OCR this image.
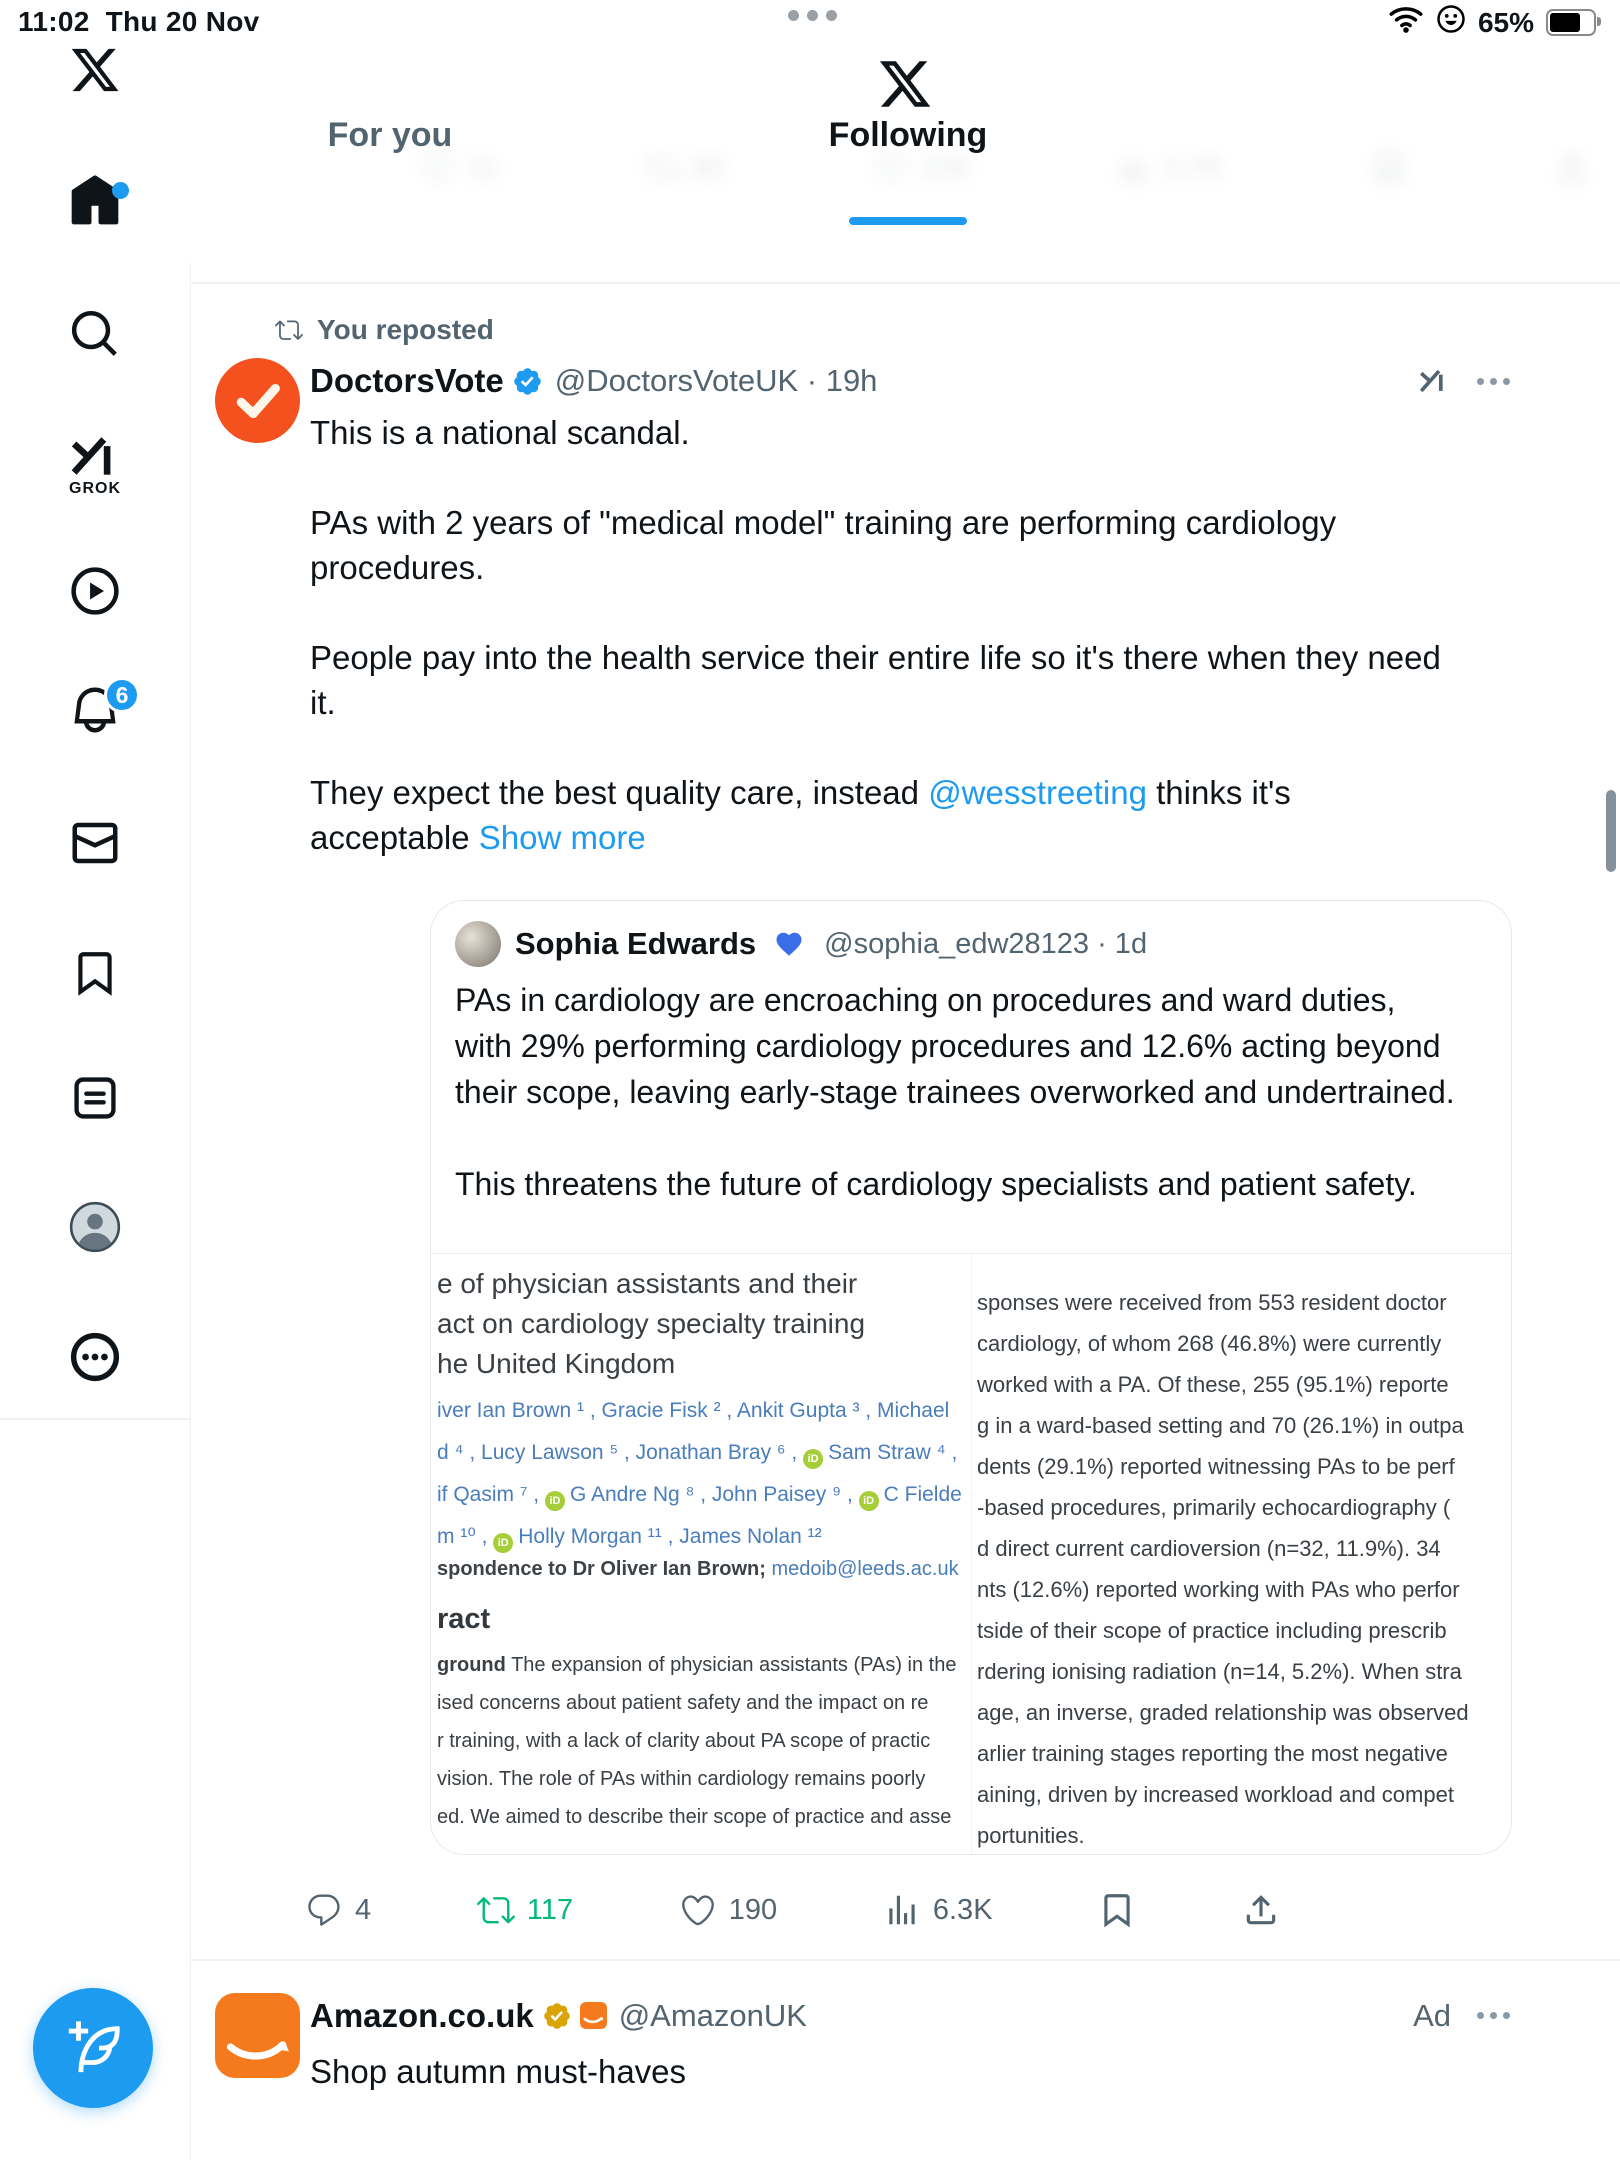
11:02 Thu 20 Nov	65%
GROK
6
You reposted
DoctorsVote @DoctorsVoteUK · 19h

This is a national scandal.

PAs with 2 years of "medical model" training are performing cardiology procedures.

People pay into the health service their entire life so it's there when they need it.

They expect the best quality care, instead @wesstreeting thinks it's acceptable Show more

Sophia Edwards @sophia_edw28123 · 1d

PAs in cardiology are encroaching on procedures and ward duties, with 29% performing cardiology procedures and 12.6% acting beyond their scope, leaving early-stage trainees overworked and undertrained.

This threatens the future of cardiology specialists and patient safety.

e of physician assistants and their
act on cardiology specialty training
he United Kingdom
iver Ian Brown ¹ , Gracie Fisk ² , Ankit Gupta ³ , Michael
d ⁴ , Lucy Lawson ⁵ , Jonathan Bray ⁶ , iD Sam Straw ⁴ ,
if Qasim ⁷ , iD G Andre Ng ⁸ , John Paisey ⁹ , iD C Fielde
m ¹⁰ , iD Holly Morgan ¹¹ , James Nolan ¹²
spondence to Dr Oliver Ian Brown; medoib@leeds.ac.uk
ract
ground The expansion of physician assistants (PAs) in the
ised concerns about patient safety and the impact on re
r training, with a lack of clarity about PA scope of practic
vision. The role of PAs within cardiology remains poorly
ed. We aimed to describe their scope of practice and asse
sponses were received from 553 resident doctor
cardiology, of whom 268 (46.8%) were currently
worked with a PA. Of these, 255 (95.1%) reporte
g in a ward-based setting and 70 (26.1%) in outpa
dents (29.1%) reported witnessing PAs to be perf
-based procedures, primarily echocardiography (
d direct current cardioversion (n=32, 11.9%). 34
nts (12.6%) reported working with PAs who perfor
tside of their scope of practice including prescrib
rdering ionising radiation (n=14, 5.2%). When stra
age, an inverse, graded relationship was observed
arlier training stages reporting the most negative
aining, driven by increased workload and compet
portunities.
4	117	190	6.3K
Amazon.co.uk	@AmazonUK	Ad
Shop autumn must-haves
For you	Following
